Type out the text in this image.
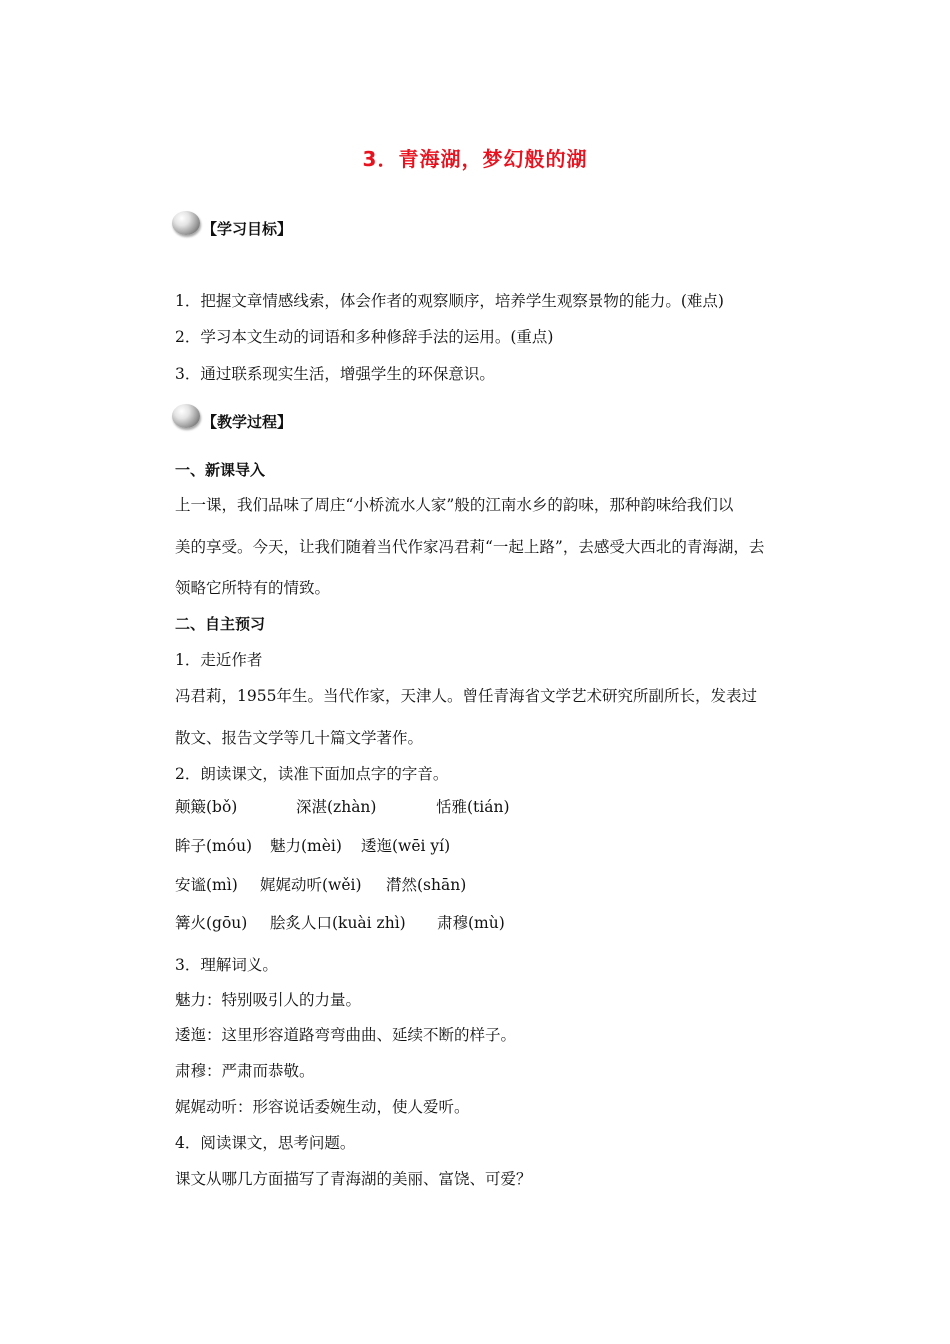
3．青海湖，梦幻般的湖
【学习目标】
1．把握文章情感线索，体会作者的观察顺序，培养学生观察景物的能力。(难点)
2．学习本文生动的词语和多种修辞手法的运用。(重点)
3．通过联系现实生活，增强学生的环保意识。
【教学过程】
一、新课导入
上一课，我们品味了周庄“小桥流水人家”般的江南水乡的韵味，那种韵味给我们以
美的享受。今天，让我们随着当代作家冯君莉“一起上路”，去感受大西北的青海湖，去
领略它所特有的情致。
二、自主预习
1．走近作者
冯君莉，1955年生。当代作家，天津人。曾任青海省文学艺术研究所副所长，发表过
散文、报告文学等几十篇文学著作。
2．朗读课文，读准下面加点字的字音。
颠簸(bǒ)	深湛(zhàn)	恬雅(tián)
眸子(móu) 魅力(mèi) 逶迤(wēi yí)
安谧(mì) 娓娓动听(wěi) 潸然(shān)
篝火(gōu) 脍炙人口(kuài zhì) 肃穆(mù)
3．理解词义。
魅力：特别吸引人的力量。
逶迤：这里形容道路弯弯曲曲、延续不断的样子。
肃穆：严肃而恭敬。
娓娓动听：形容说话委婉生动，使人爱听。
4．阅读课文，思考问题。
课文从哪几方面描写了青海湖的美丽、富饶、可爱？
